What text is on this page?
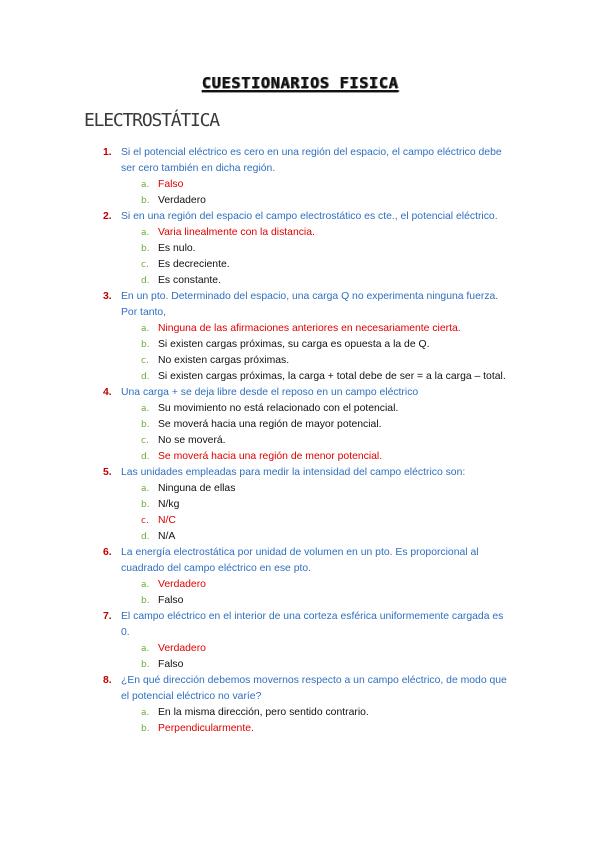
CUESTIONARIOS FISICA
ELECTROSTÁTICA
1. Si el potencial eléctrico es cero en una región del espacio, el campo eléctrico debe ser cero también en dicha región.
a. Falso
b. Verdadero
2. Si en una región del espacio el campo electrostático es cte., el potencial eléctrico.
a. Varia linealmente con la distancia.
b. Es nulo.
c. Es decreciente.
d. Es constante.
3. En un pto. Determinado del espacio, una carga Q no experimenta ninguna fuerza. Por tanto,
a. Ninguna de las afirmaciones anteriores en necesariamente cierta.
b. Si existen cargas próximas, su carga es opuesta a la de Q.
c. No existen cargas próximas.
d. Si existen cargas próximas, la carga + total debe de ser = a la carga – total.
4. Una carga + se deja libre desde el reposo en un campo eléctrico
a. Su movimiento no está relacionado con el potencial.
b. Se moverá hacia una región de mayor potencial.
c. No se moverá.
d. Se moverá hacia una región de menor potencial.
5. Las unidades empleadas para medir la intensidad del campo eléctrico son:
a. Ninguna de ellas
b. N/kg
c. N/C
d. N/A
6. La energía electrostática por unidad de volumen en un pto. Es proporcional al cuadrado del campo eléctrico en ese pto.
a. Verdadero
b. Falso
7. El campo eléctrico en el interior de una corteza esférica uniformemente cargada es 0.
a. Verdadero
b. Falso
8. ¿En qué dirección debemos movernos respecto a un campo eléctrico, de modo que el potencial eléctrico no varíe?
a. En la misma dirección, pero sentido contrario.
b. Perpendicularmente.
